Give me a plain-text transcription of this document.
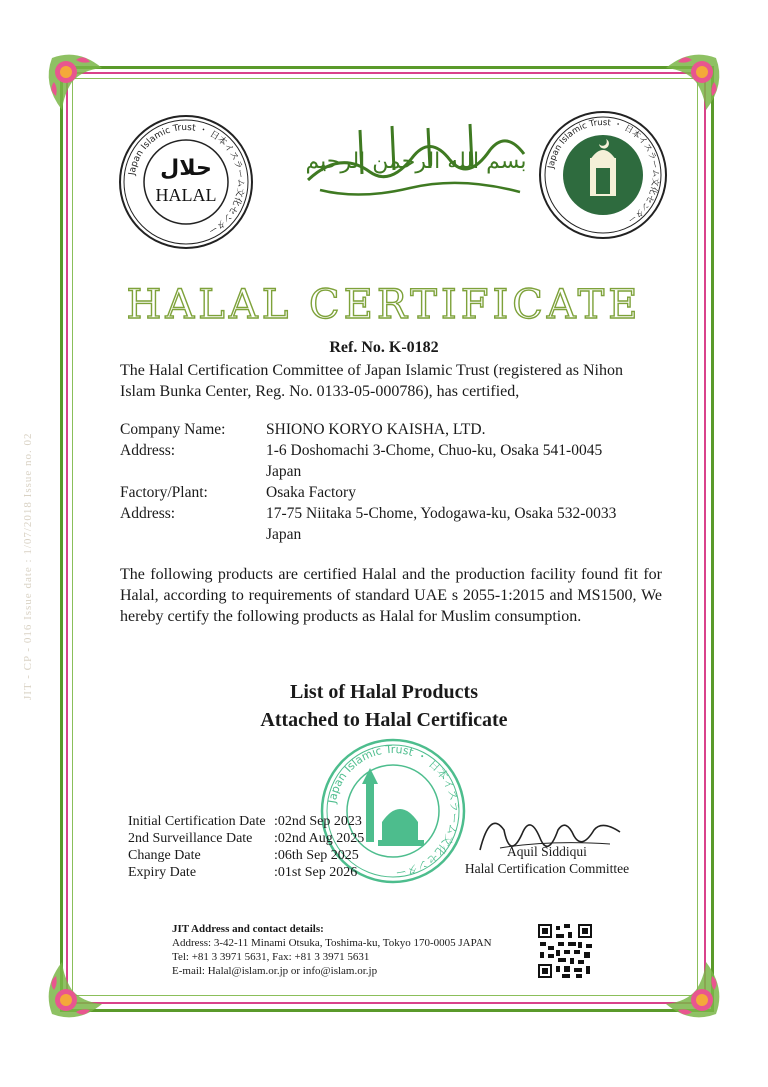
JIT - CP - 016 Issue date : 1/07/2018 Issue no. 02
Japan Islamic Trust ・ 日本イスラーム文化センター
حلال
HALAL
بسم الله الرحمن الرحيم Japan Islamic Trust ・ 日本イスラーム文化センター
HALAL CERTIFICATE
Ref. No. K-0182
The Halal Certification Committee of Japan Islamic Trust (registered as Nihon Islam Bunka Center, Reg. No. 0133-05-000786), has certified,
Company Name:	SHIONO KORYO KAISHA, LTD.
Address:	1-6 Doshomachi 3-Chome, Chuo-ku, Osaka 541-0045
Japan
Factory/Plant:	Osaka Factory
Address:	17-75 Niitaka 5-Chome, Yodogawa-ku, Osaka 532-0033
Japan
The following products are certified Halal and the production facility found fit for Halal, according to requirements of standard UAE s 2055-1:2015 and MS1500, We hereby certify the following products as Halal for Muslim consumption.
List of Halal Products
Attached to Halal Certificate
Japan Islamic Trust ・ 日本イスラーム文化センター
Initial Certification Date :02nd Sep 2023
2nd Surveillance Date	:02nd Aug 2025
Change Date	:06th Sep 2025
Expiry Date	:01st Sep 2026
Aquil Siddiqui
Halal Certification Committee
JIT Address and contact details:
Address: 3-42-11 Minami Otsuka, Toshima-ku, Tokyo 170-0005 JAPAN
Tel: +81 3 3971 5631, Fax: +81 3 3971 5631
E-mail: Halal@islam.or.jp or info@islam.or.jp
